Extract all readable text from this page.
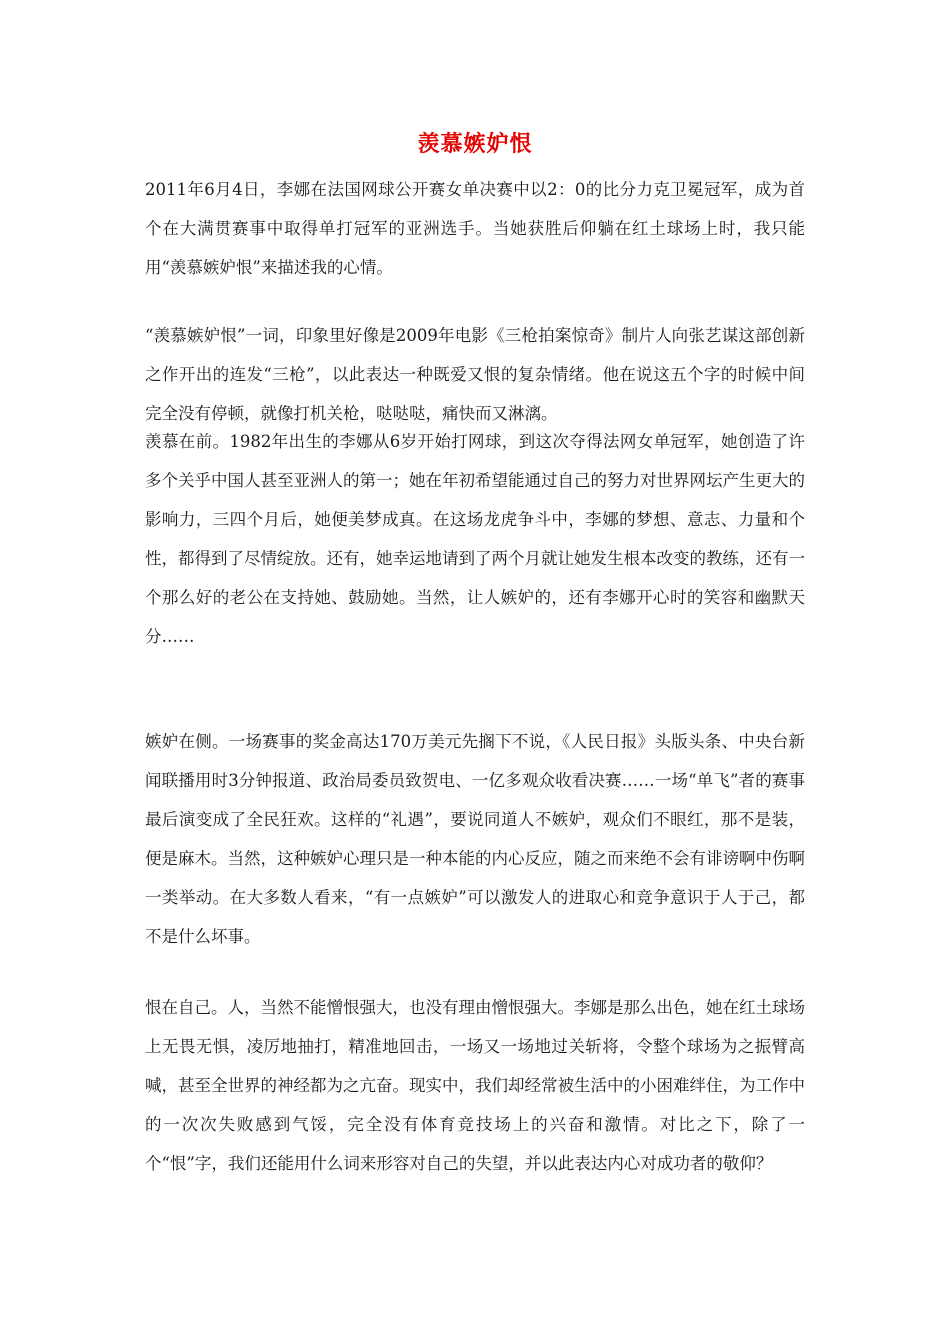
羡慕嫉妒恨

2011年6月4日，李娜在法国网球公开赛女单决赛中以2：0的比分力克卫冕冠军，成为首个在大满贯赛事中取得单打冠军的亚洲选手。当她获胜后仰躺在红土球场上时，我只能用“羡慕嫉妒恨”来描述我的心情。

“羡慕嫉妒恨”一词，印象里好像是2009年电影《三枪拍案惊奇》制片人向张艺谋这部创新之作开出的连发“三枪”，以此表达一种既爱又恨的复杂情绪。他在说这五个字的时候中间完全没有停顿，就像打机关枪，哒哒哒，痛快而又淋漓。

羡慕在前。1982年出生的李娜从6岁开始打网球，到这次夺得法网女单冠军，她创造了许多个关乎中国人甚至亚洲人的第一；她在年初希望能通过自己的努力对世界网坛产生更大的影响力，三四个月后，她便美梦成真。在这场龙虎争斗中，李娜的梦想、意志、力量和个性，都得到了尽情绽放。还有，她幸运地请到了两个月就让她发生根本改变的教练，还有一个那么好的老公在支持她、鼓励她。当然，让人嫉妒的，还有李娜开心时的笑容和幽默天分……

嫉妒在侧。一场赛事的奖金高达170万美元先搁下不说，《人民日报》头版头条、中央台新闻联播用时3分钟报道、政治局委员致贺电、一亿多观众收看决赛……一场“单飞”者的赛事最后演变成了全民狂欢。这样的“礼遇”，要说同道人不嫉妒，观众们不眼红，那不是装，便是麻木。当然，这种嫉妒心理只是一种本能的内心反应，随之而来绝不会有诽谤啊中伤啊一类举动。在大多数人看来，“有一点嫉妒”可以激发人的进取心和竞争意识于人于己，都不是什么坏事。

恨在自己。人，当然不能憎恨强大，也没有理由憎恨强大。李娜是那么出色，她在红土球场上无畏无惧，凌厉地抽打，精准地回击，一场又一场地过关斩将，令整个球场为之振臂高喊，甚至全世界的神经都为之亢奋。现实中，我们却经常被生活中的小困难绊住，为工作中的一次次失败感到气馁，完全没有体育竞技场上的兴奋和激情。对比之下，除了一个“恨”字，我们还能用什么词来形容对自己的失望，并以此表达内心对成功者的敬仰？
